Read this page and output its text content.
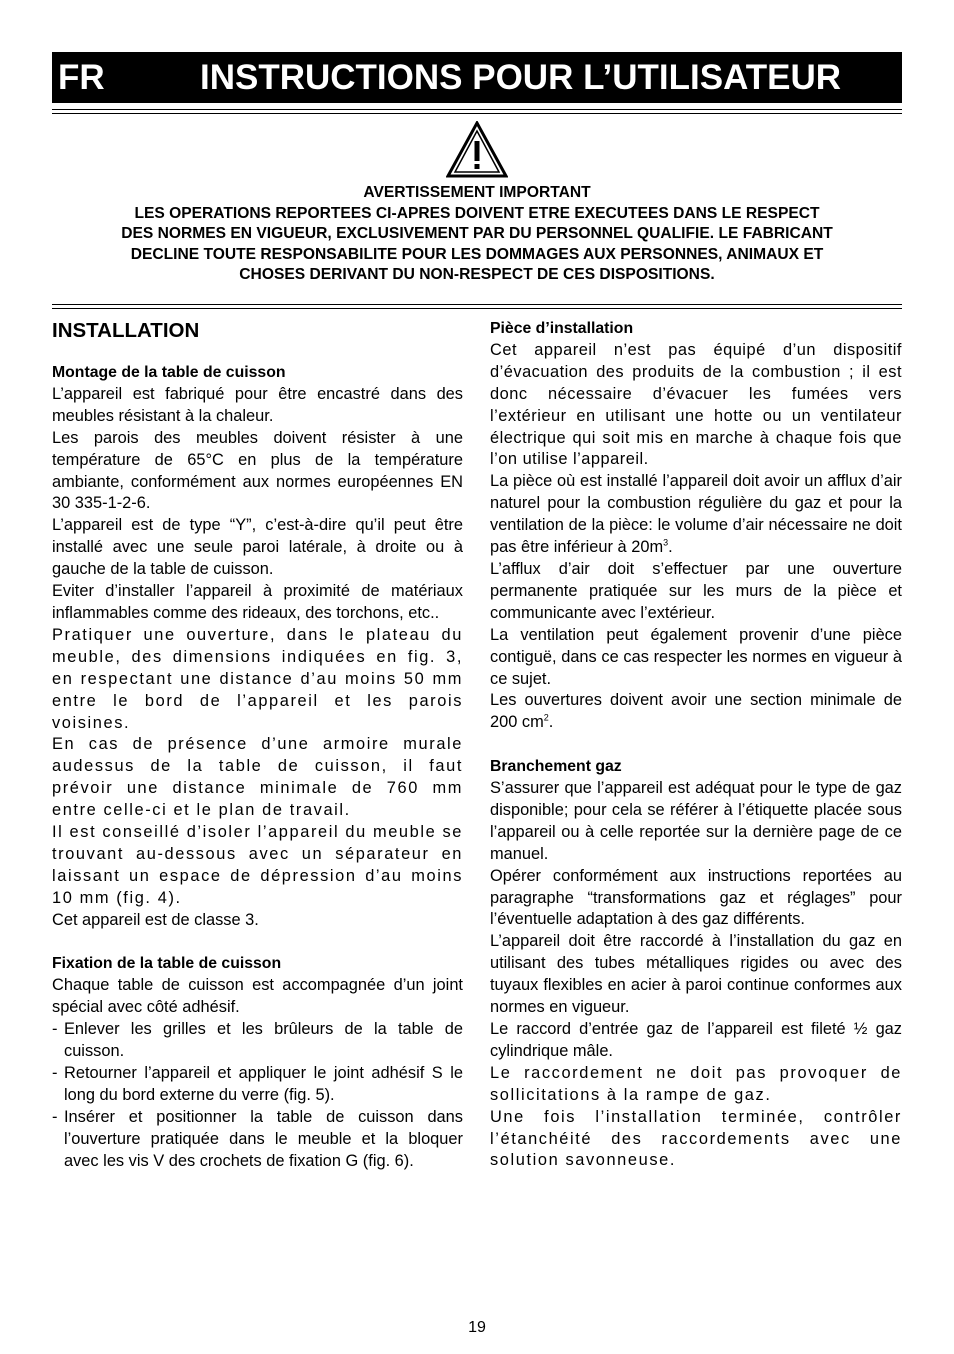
FR	INSTRUCTIONS POUR L’UTILISATEUR
AVERTISSEMENT IMPORTANT
LES OPERATIONS REPORTEES CI-APRES DOIVENT ETRE EXECUTEES DANS LE RESPECT
DES NORMES EN VIGUEUR, EXCLUSIVEMENT PAR DU PERSONNEL QUALIFIE. LE FABRICANT
DECLINE TOUTE RESPONSABILITE POUR LES DOMMAGES AUX PERSONNES, ANIMAUX ET
CHOSES DERIVANT DU NON-RESPECT DE CES DISPOSITIONS.
INSTALLATION
Montage de la table de cuisson
L’appareil est fabriqué pour être encastré dans des meubles résistant à la chaleur.
Les parois des meubles doivent résister à une température de 65°C en plus de la température ambiante, conformément aux normes européennes EN 30 335-1-2-6.
L’appareil est de type “Y”, c’est-à-dire qu’il peut être installé avec une seule paroi latérale, à droite ou à gauche de la table de cuisson.
Eviter d’installer l’appareil à proximité de matériaux inflammables comme des rideaux, des torchons, etc..
Pratiquer une ouverture, dans le plateau du meuble, des dimensions indiquées en fig. 3, en respectant une distance d’au moins 50 mm entre le bord de l’appareil et les parois voisines.
En cas de présence d’une armoire murale audessus de la table de cuisson, il faut prévoir une distance minimale de 760 mm entre celle-ci et le plan de travail.
Il est conseillé d’isoler l’appareil du meuble se trouvant au-dessous avec un séparateur en laissant un espace de dépression d’au moins 10 mm (fig. 4).
Cet appareil est de classe 3.
Fixation de la table de cuisson
Chaque table de cuisson est accompagnée d’un joint spécial avec côté adhésif.
- Enlever les grilles et les brûleurs de la table de cuisson.
- Retourner l’appareil et appliquer le joint adhésif S le long du bord externe du verre (fig. 5).
- Insérer et positionner la table de cuisson dans l’ouverture pratiquée dans le meuble et la bloquer avec les vis V des crochets de fixation G (fig. 6).
Pièce d’installation
Cet appareil n’est pas équipé d’un dispositif d’évacuation des produits de la combustion ; il est donc nécessaire d’évacuer les fumées vers l’extérieur en utilisant une hotte ou un ventilateur électrique qui soit mis en marche à chaque fois que l’on utilise l’appareil.
La pièce où est installé l’appareil doit avoir un afflux d’air naturel pour la combustion régulière du gaz et pour la ventilation de la pièce: le volume d’air nécessaire ne doit pas être inférieur à $20m^3$.
L’afflux d’air doit s’effectuer par une ouverture permanente pratiquée sur les murs de la pièce et communicante avec l’extérieur.
La ventilation peut également provenir d’une pièce contiguë, dans ce cas respecter les normes en vigueur à ce sujet.
Les ouvertures doivent avoir une section minimale de 200 $cm^2$.
Branchement gaz
S’assurer que l’appareil est adéquat pour le type de gaz disponible; pour cela se référer à l’étiquette placée sous l’appareil ou à celle reportée sur la dernière page de ce manuel.
Opérer conformément aux instructions reportées au paragraphe “transformations gaz et réglages” pour l’éventuelle adaptation à des gaz différents.
L’appareil doit être raccordé à l’installation du gaz en utilisant des tubes métalliques rigides ou avec des tuyaux flexibles en acier à paroi continue conformes aux normes en vigueur.
Le raccord d’entrée gaz de l’appareil est fileté ½ gaz cylindrique mâle.
Le raccordement ne doit pas provoquer de sollicitations à la rampe de gaz.
Une fois l’installation terminée, contrôler l’étanchéité des raccordements avec une solution savonneuse.
19
